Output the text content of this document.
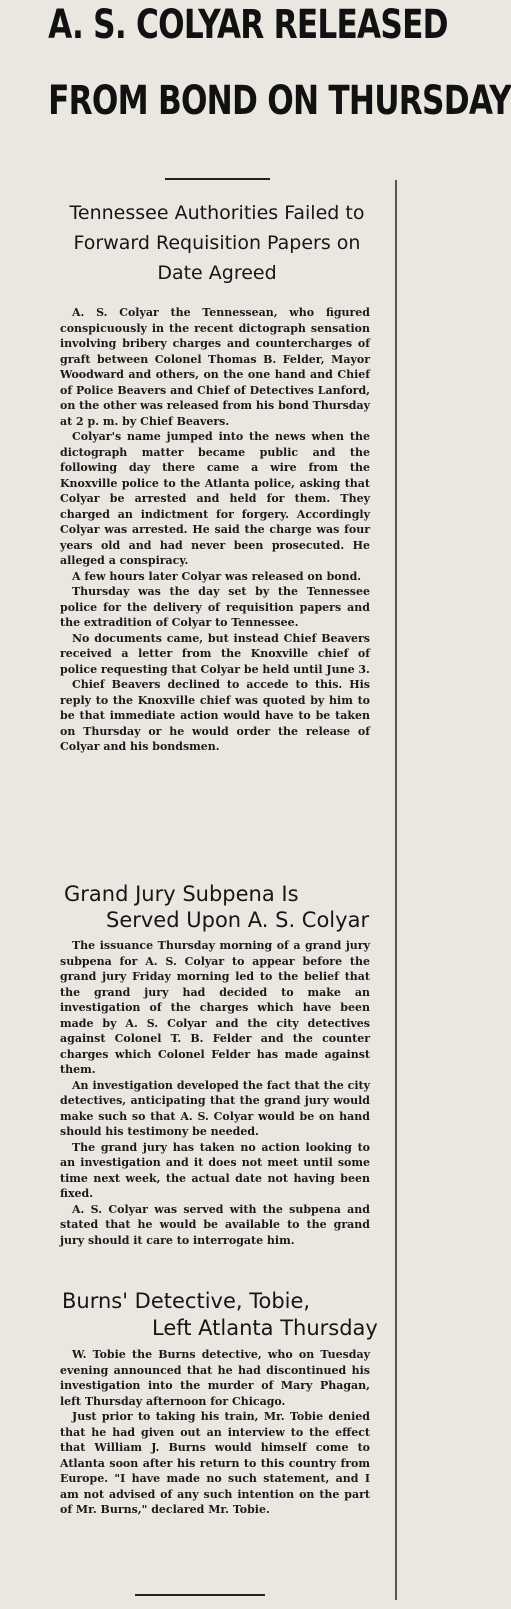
A. S. COLYAR RELEASED
FROM BOND ON THURSDAY
Tennessee Authorities Failed to Forward Requisition Papers on Date Agreed

A. S. Colyar the Tennessean, who figured conspicuously in the recent dictograph sensation involving bribery charges and countercharges of graft between Colonel Thomas B. Felder, Mayor Woodward and others, on the one hand and Chief of Police Beavers and Chief of Detectives Lanford, on the other was released from his bond Thursday at 2 p. m. by Chief Beavers.

Colyar's name jumped into the news when the dictograph matter became public and the following day there came a wire from the Knoxville police to the Atlanta police, asking that Colyar be arrested and held for them. They charged an indictment for forgery. Accordingly Colyar was arrested. He said the charge was four years old and had never been prosecuted. He alleged a conspiracy.

A few hours later Colyar was released on bond.

Thursday was the day set by the Tennessee police for the delivery of requisition papers and the extradition of Colyar to Tennessee.

No documents came, but instead Chief Beavers received a letter from the Knoxville chief of police requesting that Colyar be held until June 3.

Chief Beavers declined to accede to this. His reply to the Knoxville chief was quoted by him to be that immediate action would have to be taken on Thursday or he would order the release of Colyar and his bondsmen.

Grand Jury Subpena Is
Served Upon A. S. Colyar

The issuance Thursday morning of a grand jury subpena for A. S. Colyar to appear before the grand jury Friday morning led to the belief that the grand jury had decided to make an investigation of the charges which have been made by A. S. Colyar and the city detectives against Colonel T. B. Felder and the counter charges which Colonel Felder has made against them.

An investigation developed the fact that the city detectives, anticipating that the grand jury would make such so that A. S. Colyar would be on hand should his testimony be needed.

The grand jury has taken no action looking to an investigation and it does not meet until some time next week, the actual date not having been fixed.

A. S. Colyar was served with the subpena and stated that he would be available to the grand jury should it care to interrogate him.

Burns' Detective, Tobie,
Left Atlanta Thursday

W. Tobie the Burns detective, who on Tuesday evening announced that he had discontinued his investigation into the murder of Mary Phagan, left Thursday afternoon for Chicago.

Just prior to taking his train, Mr. Tobie denied that he had given out an interview to the effect that William J. Burns would himself come to Atlanta soon after his return to this country from Europe. "I have made no such statement, and I am not advised of any such intention on the part of Mr. Burns," declared Mr. Tobie.
